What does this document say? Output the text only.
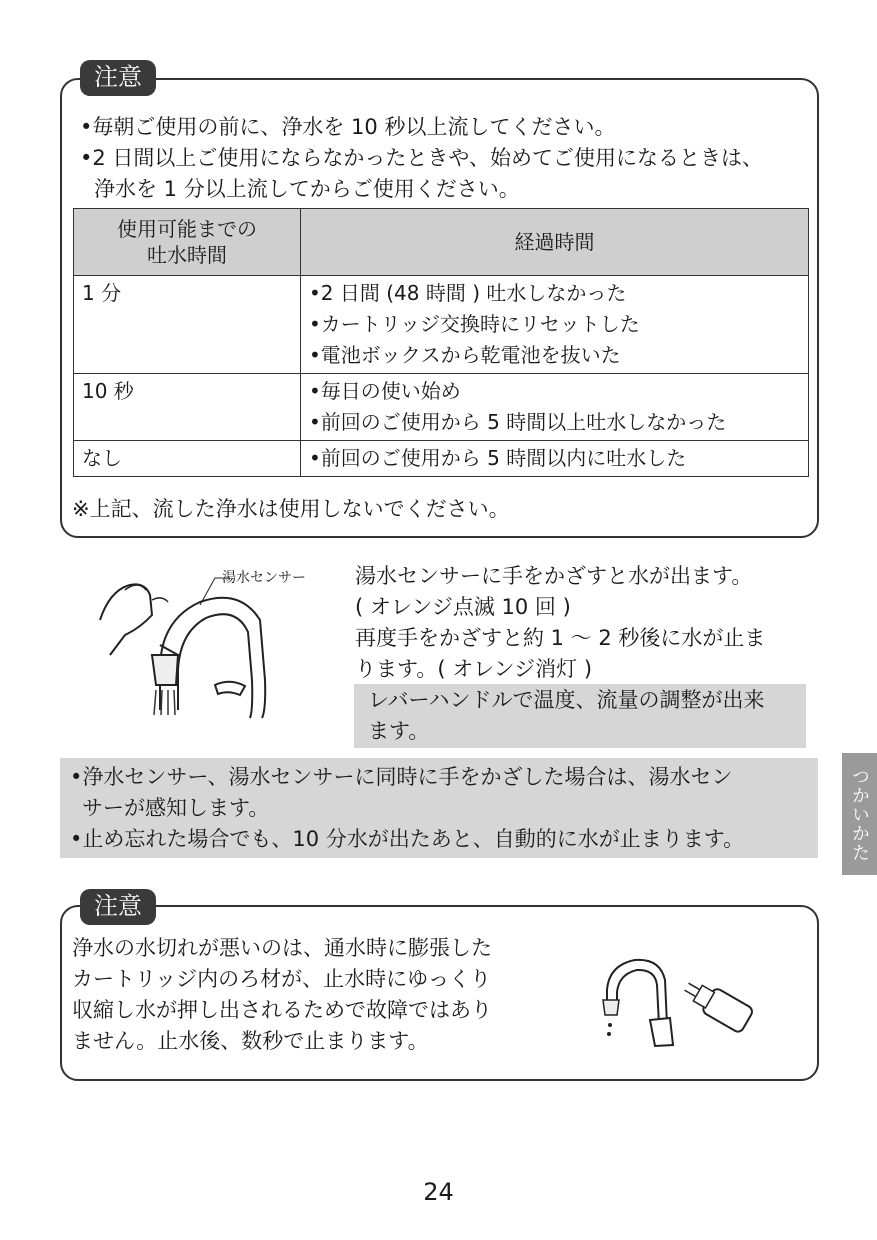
注意
•毎朝ご使用の前に、浄水を 10 秒以上流してください。
•2 日間以上ご使用にならなかったときや、始めてご使用になるときは、
浄水を 1 分以上流してからご使用ください。
使用可能までの
吐水時間	経過時間
1 分	•2 日間 (48 時間 ) 吐水しなかった
•カートリッジ交換時にリセットした
•電池ボックスから乾電池を抜いた

10 秒	•毎日の使い始め
•前回のご使用から 5 時間以上吐水しなかった

なし	•前回のご使用から 5 時間以内に吐水した
※上記、流した浄水は使用しないでください。
湯水センサー 湯水センサーに手をかざすと水が出ます。
( オレンジ点滅 10 回 )
再度手をかざすと約 1 〜 2 秒後に水が止ま
ります。( オレンジ消灯 )
レバーハンドルで温度、流量の調整が出来
ます。
•浄水センサー、湯水センサーに同時に手をかざした場合は、湯水セン
サーが感知します。
•止め忘れた場合でも、10 分水が出たあと、自動的に水が止まります。	つかいかた
注意
浄水の水切れが悪いのは、通水時に膨張した
カートリッジ内のろ材が、止水時にゆっくり
収縮し水が押し出されるためで故障ではあり
ません。止水後、数秒で止まります。
24
